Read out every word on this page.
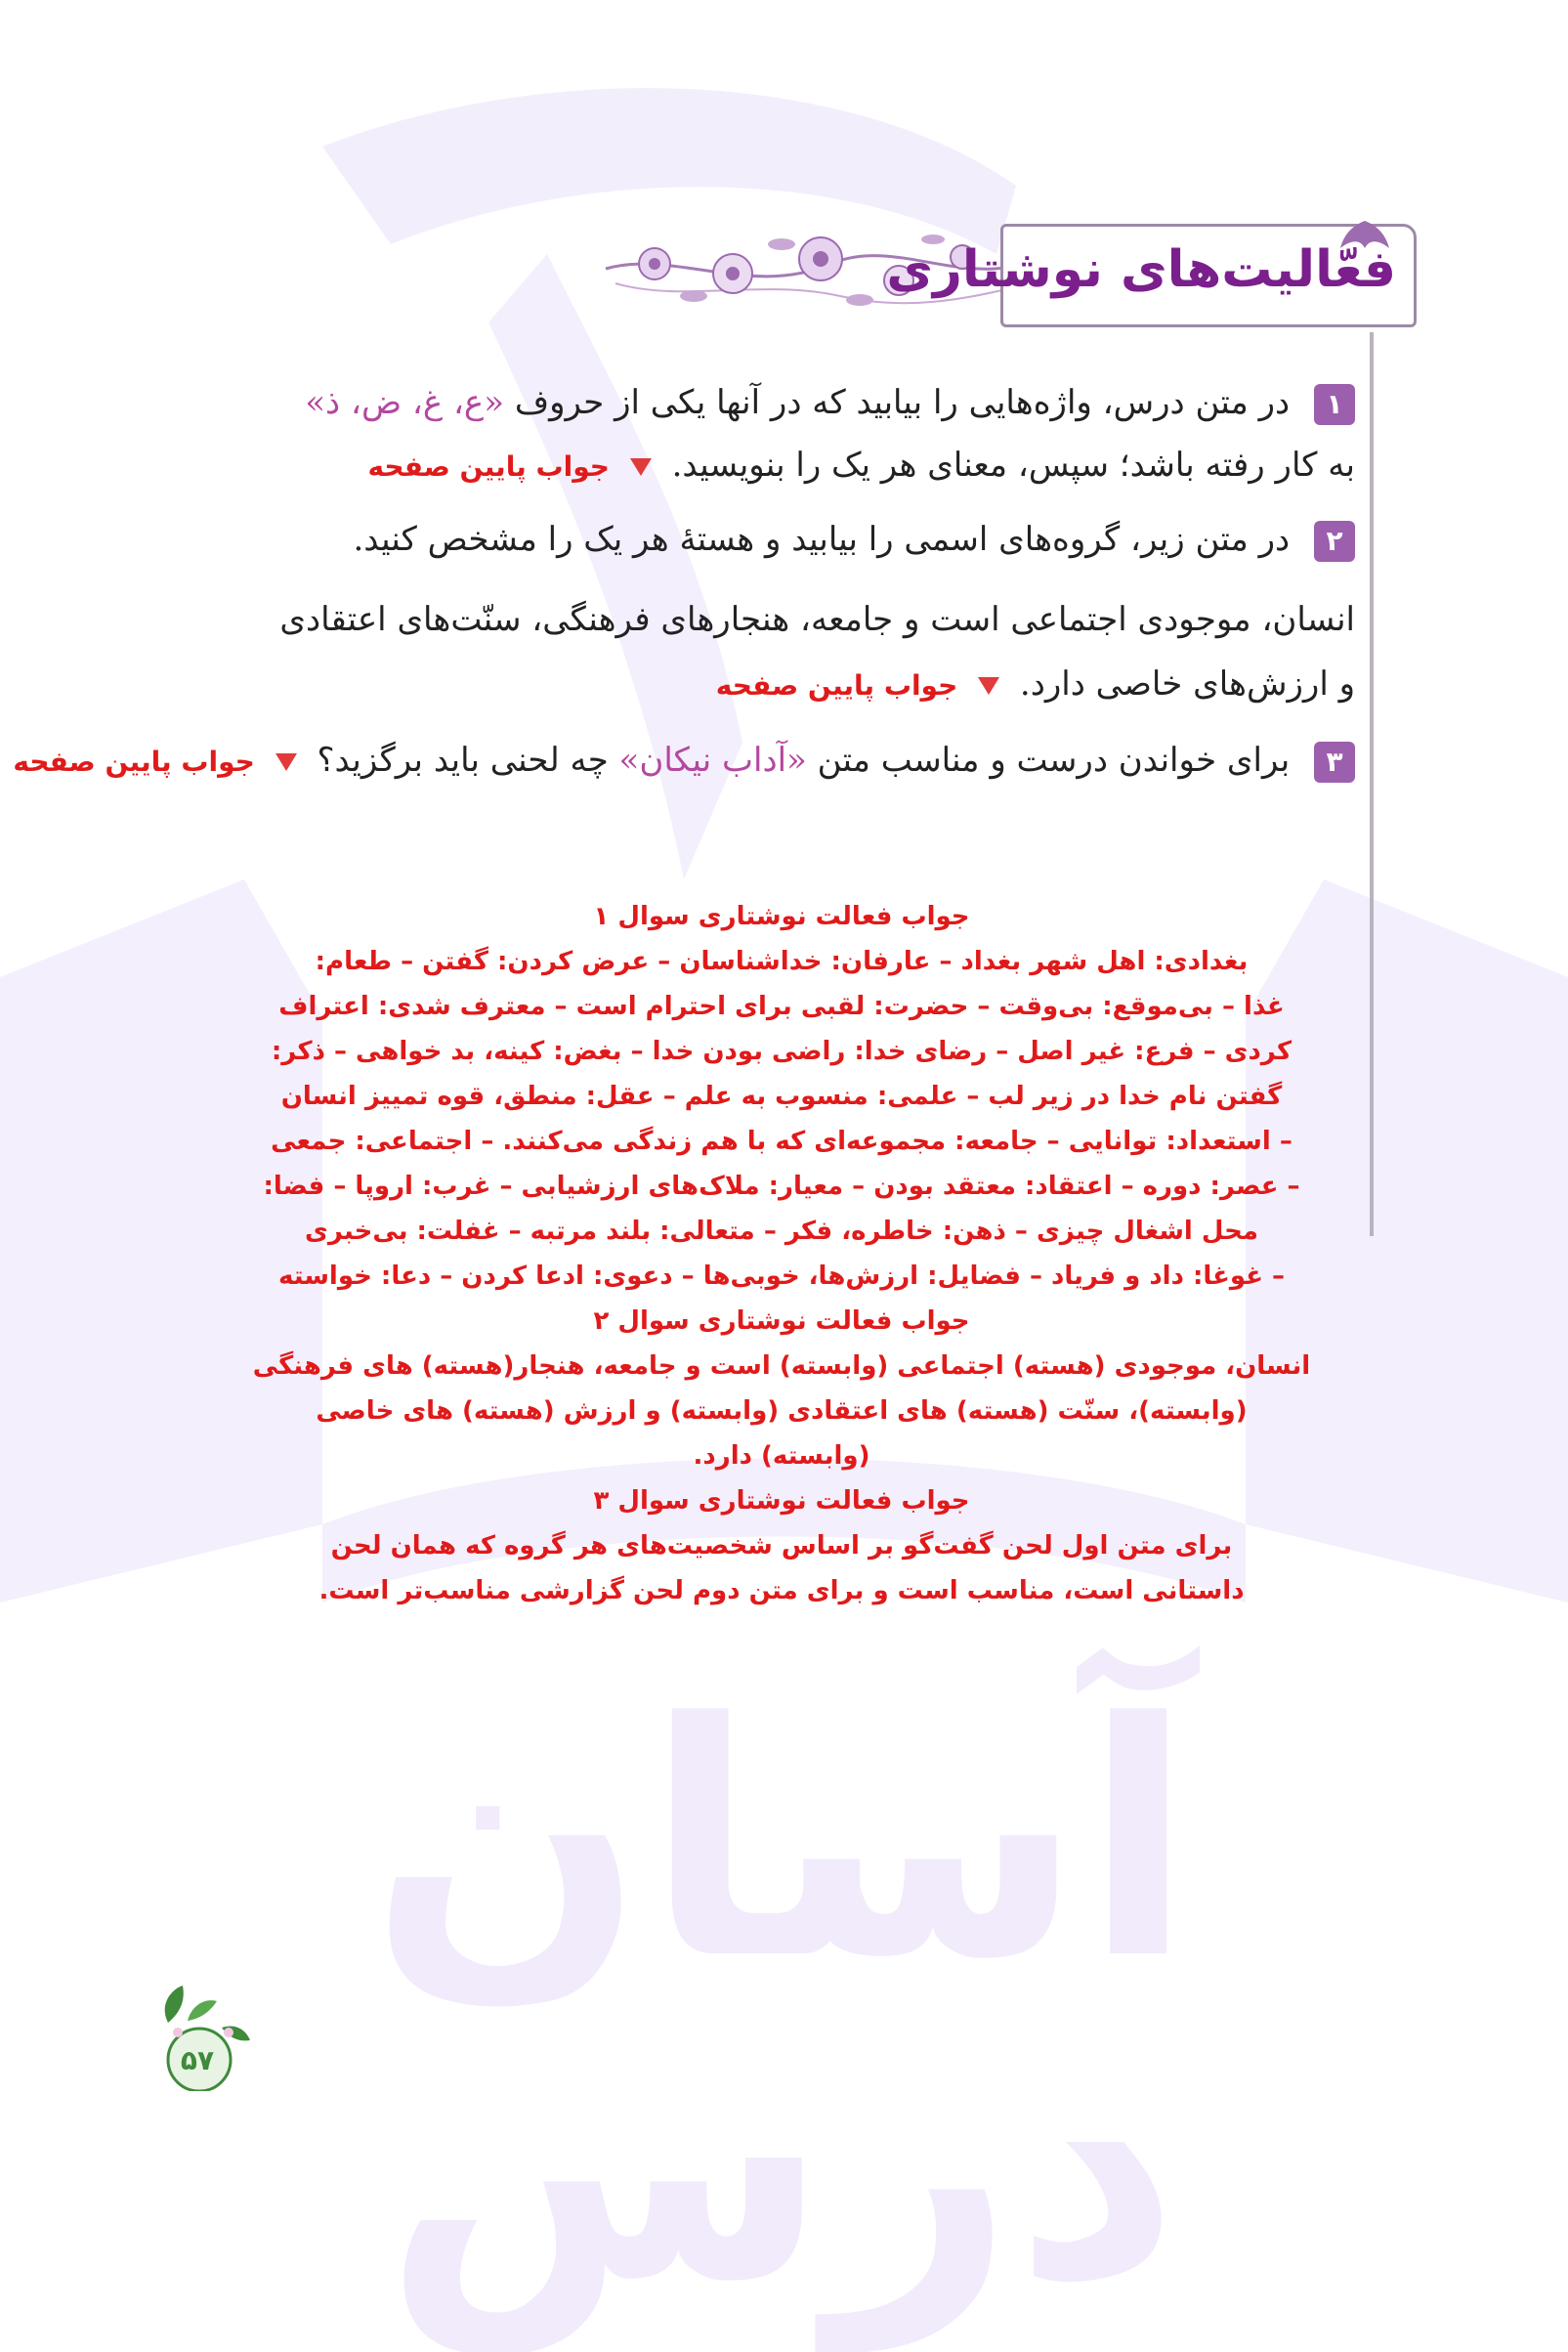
آسان درس
فعّالیت‌های نوشتاری
۱ در متن درس، واژه‌هایی را بیابید که در آنها یکی از حروف «ع، غ، ض، ذ»
به کار رفته باشد؛ سپس، معنای هر یک را بنویسید.  جواب پایین صفحه
۲ در متن زیر، گروه‌های اسمی را بیابید و هستهٔ هر یک را مشخص کنید.
انسان، موجودی اجتماعی است و جامعه، هنجارهای فرهنگی، سنّت‌های اعتقادی
و ارزش‌های خاصی دارد.  جواب پایین صفحه
۳ برای خواندن درست و مناسب متن «آداب نیکان» چه لحنی باید برگزید؟  جواب پایین صفحه
جواب فعالت نوشتاری سوال ۱
بغدادی: اهل شهر بغداد – عارفان: خداشناسان – عرض کردن: گفتن – طعام:
غذا – بی‌موقع: بی‌وقت – حضرت: لقبی برای احترام است – معترف شدی: اعتراف
کردی – فرع: غیر اصل – رضای خدا: راضی بودن خدا – بغض: کینه، بد خواهی – ذکر:
گفتن نام خدا در زیر لب – علمی: منسوب به علم – عقل: منطق، قوه تمییز انسان
– استعداد: توانایی – جامعه: مجموعه‌ای که با هم زندگی می‌کنند. – اجتماعی: جمعی
– عصر: دوره – اعتقاد: معتقد بودن – معیار: ملاک‌های ارزشیابی – غرب: اروپا – فضا:
محل اشغال چیزی – ذهن: خاطره، فکر – متعالی: بلند مرتبه – غفلت: بی‌خبری
– غوغا: داد و فریاد – فضایل: ارزش‌ها، خوبی‌ها – دعوی: ادعا کردن – دعا: خواسته
جواب فعالت نوشتاری سوال ۲
انسان، موجودی (هسته) اجتماعی (وابسته) است و جامعه، هنجار(هسته) های فرهنگی
(وابسته)، سنّت (هسته) های اعتقادی (وابسته) و ارزش (هسته) های خاصی
(وابسته) دارد.
جواب فعالت نوشتاری سوال ۳
برای متن اول لحن گفت‌گو بر اساس شخصیت‌های هر گروه که همان لحن
داستانی است، مناسب است و برای متن دوم لحن گزارشی مناسب‌تر است.
۵۷
